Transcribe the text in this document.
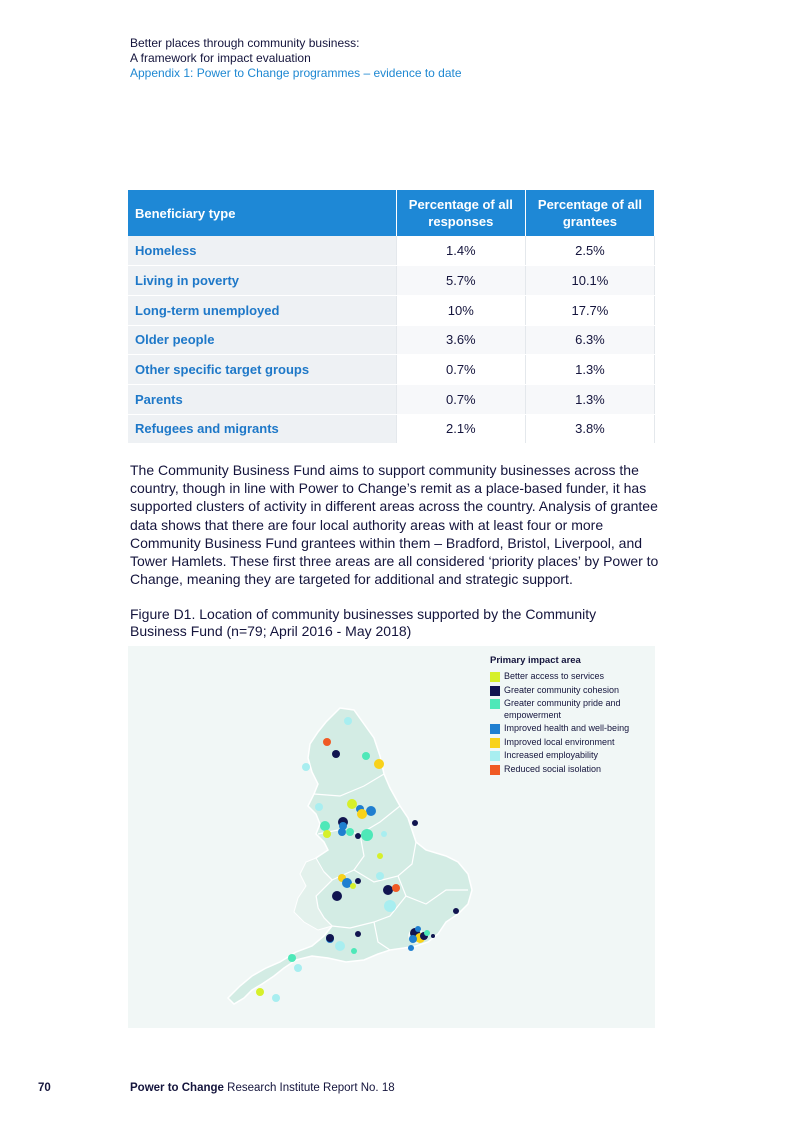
Better places through community business:
A framework for impact evaluation
Appendix 1: Power to Change programmes – evidence to date
Beneficiary type	Percentage of all responses	Percentage of all grantees
Homeless	1.4%	2.5%
Living in poverty	5.7%	10.1%
Long-term unemployed	10%	17.7%
Older people	3.6%	6.3%
Other specific target groups	0.7%	1.3%
Parents	0.7%	1.3%
Refugees and migrants	2.1%	3.8%

The Community Business Fund aims to support community businesses across the country, though in line with Power to Change’s remit as a place-based funder, it has supported clusters of activity in different areas across the country. Analysis of grantee data shows that there are four local authority areas with at least four or more Community Business Fund grantees within them – Bradford, Bristol, Liverpool, and Tower Hamlets. These first three areas are all considered ‘priority places’ by Power to Change, meaning they are targeted for additional and strategic support.

Figure D1. Location of community businesses supported by the Community Business Fund (n=79; April 2016 - May 2018)
Primary impact area
Better access to services
Greater community cohesion
Greater community pride and empowerment
Improved health and well-being
Improved local environment
Increased employability
Reduced social isolation
70	Power to Change Research Institute Report No. 18
